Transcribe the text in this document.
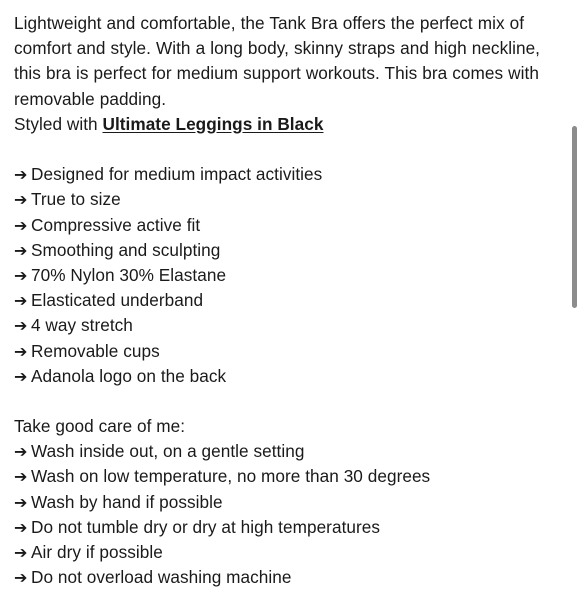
Lightweight and comfortable, the Tank Bra offers the perfect mix of comfort and style. With a long body, skinny straps and high neckline, this bra is perfect for medium support workouts. This bra comes with removable padding.
Styled with Ultimate Leggings in Black
➔ Designed for medium impact activities
➔ True to size
➔ Compressive active fit
➔ Smoothing and sculpting
➔ 70% Nylon 30% Elastane
➔ Elasticated underband
➔ 4 way stretch
➔ Removable cups
➔ Adanola logo on the back
Take good care of me:
➔ Wash inside out, on a gentle setting
➔ Wash on low temperature, no more than 30 degrees
➔ Wash by hand if possible
➔ Do not tumble dry or dry at high temperatures
➔ Air dry if possible
➔ Do not overload washing machine
